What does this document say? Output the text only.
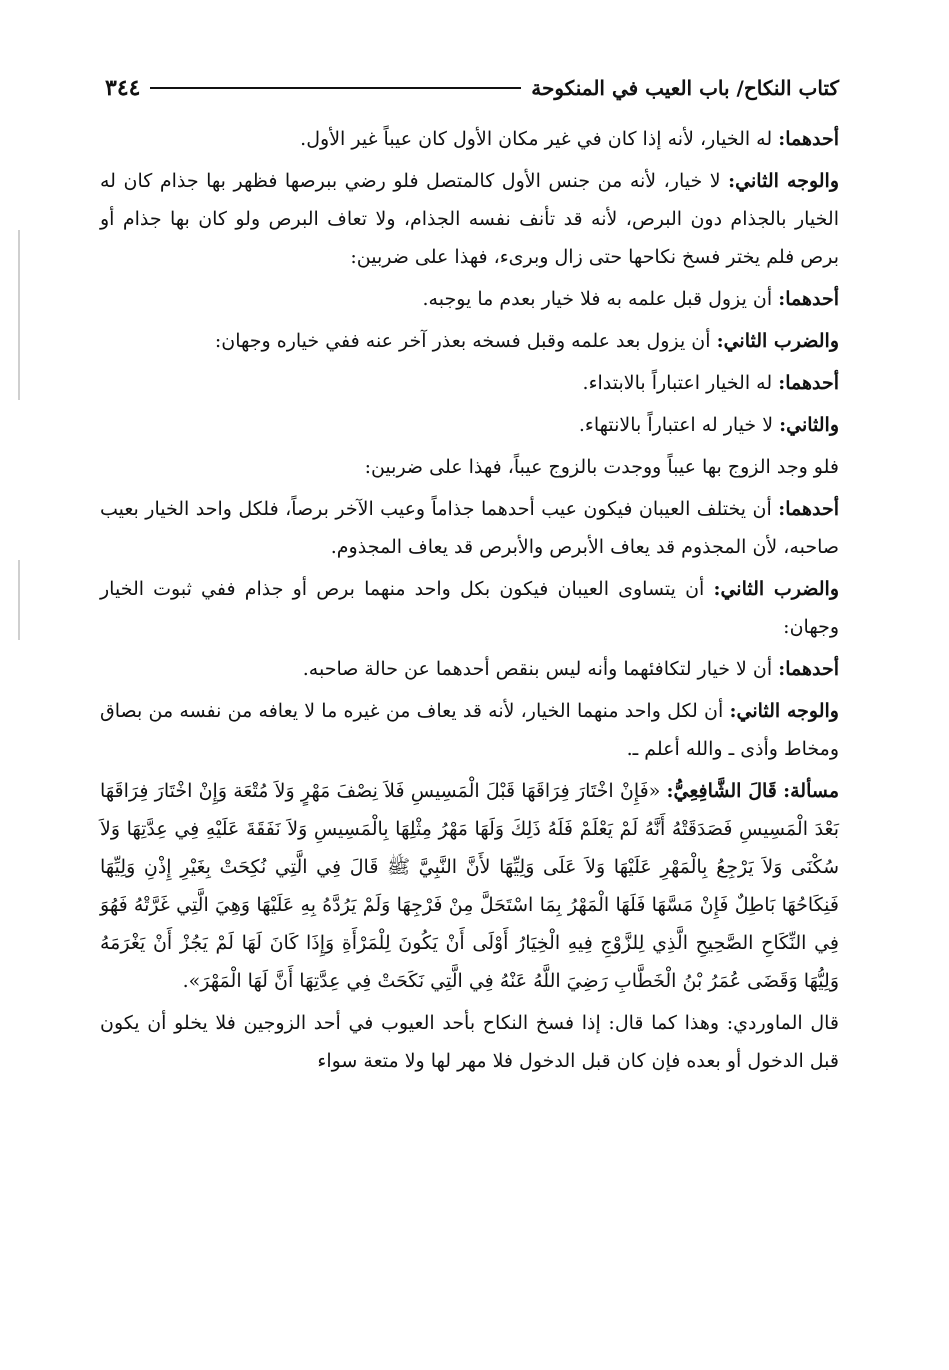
كتاب النكاح/ باب العيب في المنكوحة
٣٤٤

أحدهما: له الخيار، لأنه إذا كان في غير مكان الأول كان عيباً غير الأول.

والوجه الثاني: لا خيار، لأنه من جنس الأول كالمتصل فلو رضي ببرصها فظهر بها جذام كان له الخيار بالجذام دون البرص، لأنه قد تأنف نفسه الجذام، ولا تعاف البرص ولو كان بها جذام أو برص فلم يختر فسخ نكاحها حتى زال وبرىء، فهذا على ضربين:

أحدهما: أن يزول قبل علمه به فلا خيار بعدم ما يوجبه.

والضرب الثاني: أن يزول بعد علمه وقبل فسخه بعذر آخر عنه ففي خياره وجهان:

أحدهما: له الخيار اعتباراً بالابتداء.

والثاني: لا خيار له اعتباراً بالانتهاء.

فلو وجد الزوج بها عيباً ووجدت بالزوج عيباً، فهذا على ضربين:

أحدهما: أن يختلف العيبان فيكون عيب أحدهما جذاماً وعيب الآخر برصاً، فلكل واحد الخيار بعيب صاحبه، لأن المجذوم قد يعاف الأبرص والأبرص قد يعاف المجذوم.

والضرب الثاني: أن يتساوى العيبان فيكون بكل واحد منهما برص أو جذام ففي ثبوت الخيار وجهان:

أحدهما: أن لا خيار لتكافئهما وأنه ليس بنقص أحدهما عن حالة صاحبه.

والوجه الثاني: أن لكل واحد منهما الخيار، لأنه قد يعاف من غيره ما لا يعافه من نفسه من بصاق ومخاط وأذى ـ والله أعلم ـ.

مسألة: قَالَ الشَّافِعِيُّ: «فَإِنْ اخْتَارَ فِرَاقَهَا قَبْلَ الْمَسِيسِ فَلاَ نِصْفَ مَهْرٍ وَلاَ مُتْعَة وَإِنْ اخْتَارَ فِرَاقَهَا بَعْدَ الْمَسِيسِ فَصَدَقَتْهُ أَنَّهُ لَمْ يَعْلَمْ فَلَهُ ذَلِكَ وَلَهَا مَهْرُ مِثْلِهَا بِالْمَسِيسِ وَلاَ نَفَقَةَ عَلَيْهِ فِي عِدَّتِهَا وَلاَ سُكْنَى وَلاَ يَرْجِعُ بِالْمَهْرِ عَلَيْهَا وَلاَ عَلَى وَلِيِّهَا لأَنَّ النَّبِيَّ ﷺ قَالَ فِي الَّتِي نُكِحَتْ بِغَيْرِ إِذْنِ وَلِيِّهَا فَنِكَاحُهَا بَاطِلٌ فَإِنْ مَسَّهَا فَلَهَا الْمَهْرُ بِمَا اسْتَحَلَّ مِنْ فَرْجِهَا وَلَمْ يَرُدَّهُ بِهِ عَلَيْهَا وَهِيَ الَّتِي غَرَّتْهُ فَهُوَ فِي النِّكَاحِ الصَّحِيحِ الَّذِي لِلزَّوْجِ فِيهِ الْخِيَارُ أَوْلَى أَنْ يَكُونَ لِلْمَرْأَةِ وَإِذَا كَانَ لَهَا لَمْ يَجُزْ أَنْ يَغْرَمَهُ وَلِيُّهَا وَقَضَى عُمَرُ بْنُ الْخَطَّابِ رَضِيَ اللَّهُ عَنْهُ فِي الَّتِي نَكَحَتْ فِي عِدَّتِهَا أَنَّ لَهَا الْمَهْرَ».

قال الماوردي: وهذا كما قال: إذا فسخ النكاح بأحد العيوب في أحد الزوجين فلا يخلو أن يكون قبل الدخول أو بعده فإن كان قبل الدخول فلا مهر لها ولا متعة سواء
